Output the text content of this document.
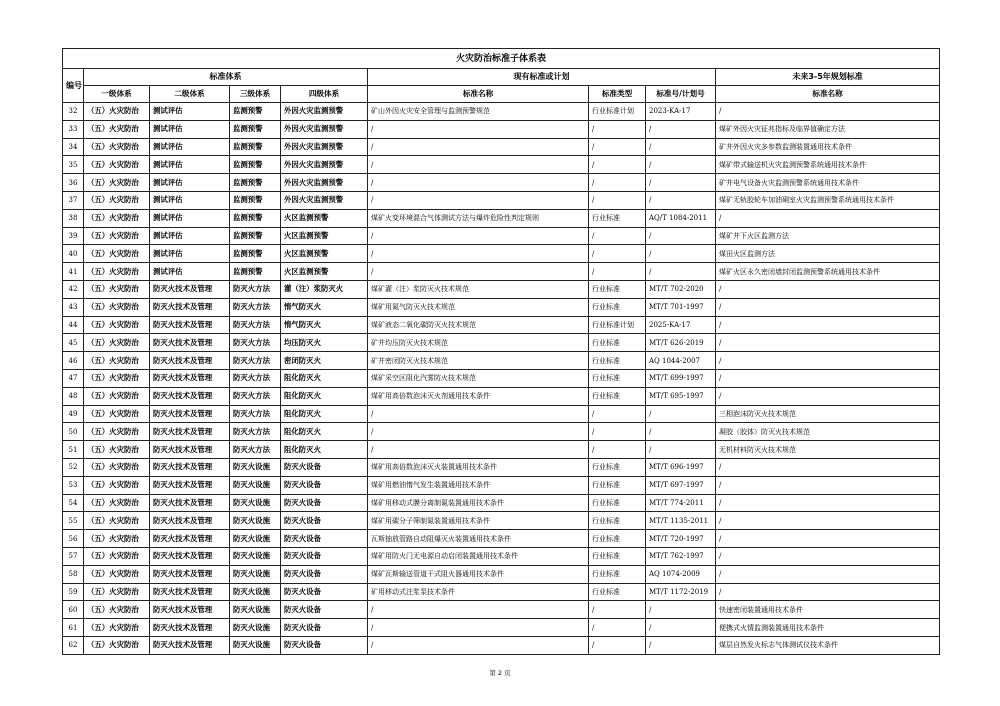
火灾防治标准子体系表								
编号	标准体系				现有标准或计划			未来3-5年规划标准
	一级体系	二级体系	三级体系	四级体系	标准名称	标准类型	标准号/计划号	标准名称
32	（五）火灾防治	测试评估	监测预警	外因火灾监测预警	矿山外因火灾安全管理与监测预警规范	行业标准计划	2023-KA-17	/
33	（五）火灾防治	测试评估	监测预警	外因火灾监测预警	/	/	/	煤矿外因火灾征兆指标及临界值确定方法
34	（五）火灾防治	测试评估	监测预警	外因火灾监测预警	/	/	/	矿井外因火灾多参数监测装置通用技术条件
35	（五）火灾防治	测试评估	监测预警	外因火灾监测预警	/	/	/	煤矿带式输送机火灾监测预警系统通用技术条件
36	（五）火灾防治	测试评估	监测预警	外因火灾监测预警	/	/	/	矿井电气设备火灾监测预警系统通用技术条件
37	（五）火灾防治	测试评估	监测预警	外因火灾监测预警	/	/	/	煤矿无轨胶轮车加油硐室火灾监测预警系统通用技术条件
38	（五）火灾防治	测试评估	监测预警	火区监测预警	煤矿火变环境混合气体测试方法与爆炸危险性判定规则	行业标准	AQ/T 1084-2011	/
39	（五）火灾防治	测试评估	监测预警	火区监测预警	/	/	/	煤矿井下火区监测方法
40	（五）火灾防治	测试评估	监测预警	火区监测预警	/	/	/	煤田火区监测方法
41	（五）火灾防治	测试评估	监测预警	火区监测预警	/	/	/	煤矿火区永久密闭墙封闭监测预警系统通用技术条件
42	（五）火灾防治	防灭火技术及管理	防灭火方法	灌（注）浆防灭火	煤矿灌（注）浆防灭火技术规范	行业标准	MT/T 702-2020	/
43	（五）火灾防治	防灭火技术及管理	防灭火方法	惰气防灭火	煤矿用氮气防灭火技术规范	行业标准	MT/T 701-1997	/
44	（五）火灾防治	防灭火技术及管理	防灭火方法	惰气防灭火	煤矿液态二氧化碳防灭火技术规范	行业标准计划	2025-KA-17	/
45	（五）火灾防治	防灭火技术及管理	防灭火方法	均压防灭火	矿井均压防灭火技术规范	行业标准	MT/T 626-2019	/
46	（五）火灾防治	防灭火技术及管理	防灭火方法	密闭防灭火	矿井密闭防灭火技术规范	行业标准	AQ 1044-2007	/
47	（五）火灾防治	防灭火技术及管理	防灭火方法	阻化防灭火	煤矿采空区阻化汽雾防火技术规范	行业标准	MT/T 699-1997	/
48	（五）火灾防治	防灭火技术及管理	防灭火方法	阻化防灭火	煤矿用高倍数泡沫灭火剂通用技术条件	行业标准	MT/T 695-1997	/
49	（五）火灾防治	防灭火技术及管理	防灭火方法	阻化防灭火	/	/	/	三相泡沫防灭火技术规范
50	（五）火灾防治	防灭火技术及管理	防灭火方法	阻化防灭火	/	/	/	凝胶（胶体）防灭火技术规范
51	（五）火灾防治	防灭火技术及管理	防灭火方法	阻化防灭火	/	/	/	无机材料防灭火技术规范
52	（五）火灾防治	防灭火技术及管理	防灭火设施	防灭火设备	煤矿用高倍数泡沫灭火装置通用技术条件	行业标准	MT/T 696-1997	/
53	（五）火灾防治	防灭火技术及管理	防灭火设施	防灭火设备	煤矿用燃油惰气发生装置通用技术条件	行业标准	MT/T 697-1997	/
54	（五）火灾防治	防灭火技术及管理	防灭火设施	防灭火设备	煤矿用移动式膜分离制氮装置通用技术条件	行业标准	MT/T 774-2011	/
55	（五）火灾防治	防灭火技术及管理	防灭火设施	防灭火设备	煤矿用碳分子筛制氮装置通用技术条件	行业标准	MT/T 1135-2011	/
56	（五）火灾防治	防灭火技术及管理	防灭火设施	防灭火设备	瓦斯抽放管路自动阻爆灭火装置通用技术条件	行业标准	MT/T 720-1997	/
57	（五）火灾防治	防灭火技术及管理	防灭火设施	防灭火设备	煤矿用防火门无电源自动启闭装置通用技术条件	行业标准	MT/T 762-1997	/
58	（五）火灾防治	防灭火技术及管理	防灭火设施	防灭火设备	煤矿瓦斯输送管道干式阻火器通用技术条件	行业标准	AQ 1074-2009	/
59	（五）火灾防治	防灭火技术及管理	防灭火设施	防灭火设备	矿用移动式注浆泵技术条件	行业标准	MT/T 1172-2019	/
60	（五）火灾防治	防灭火技术及管理	防灭火设施	防灭火设备	/	/	/	快速密闭装置通用技术条件
61	（五）火灾防治	防灭火技术及管理	防灭火设施	防灭火设备	/	/	/	便携式火情监测装置通用技术条件
62	（五）火灾防治	防灭火技术及管理	防灭火设施	防灭火设备	/	/	/	煤层自然发火标志气体测试仪技术条件
第 2 页
